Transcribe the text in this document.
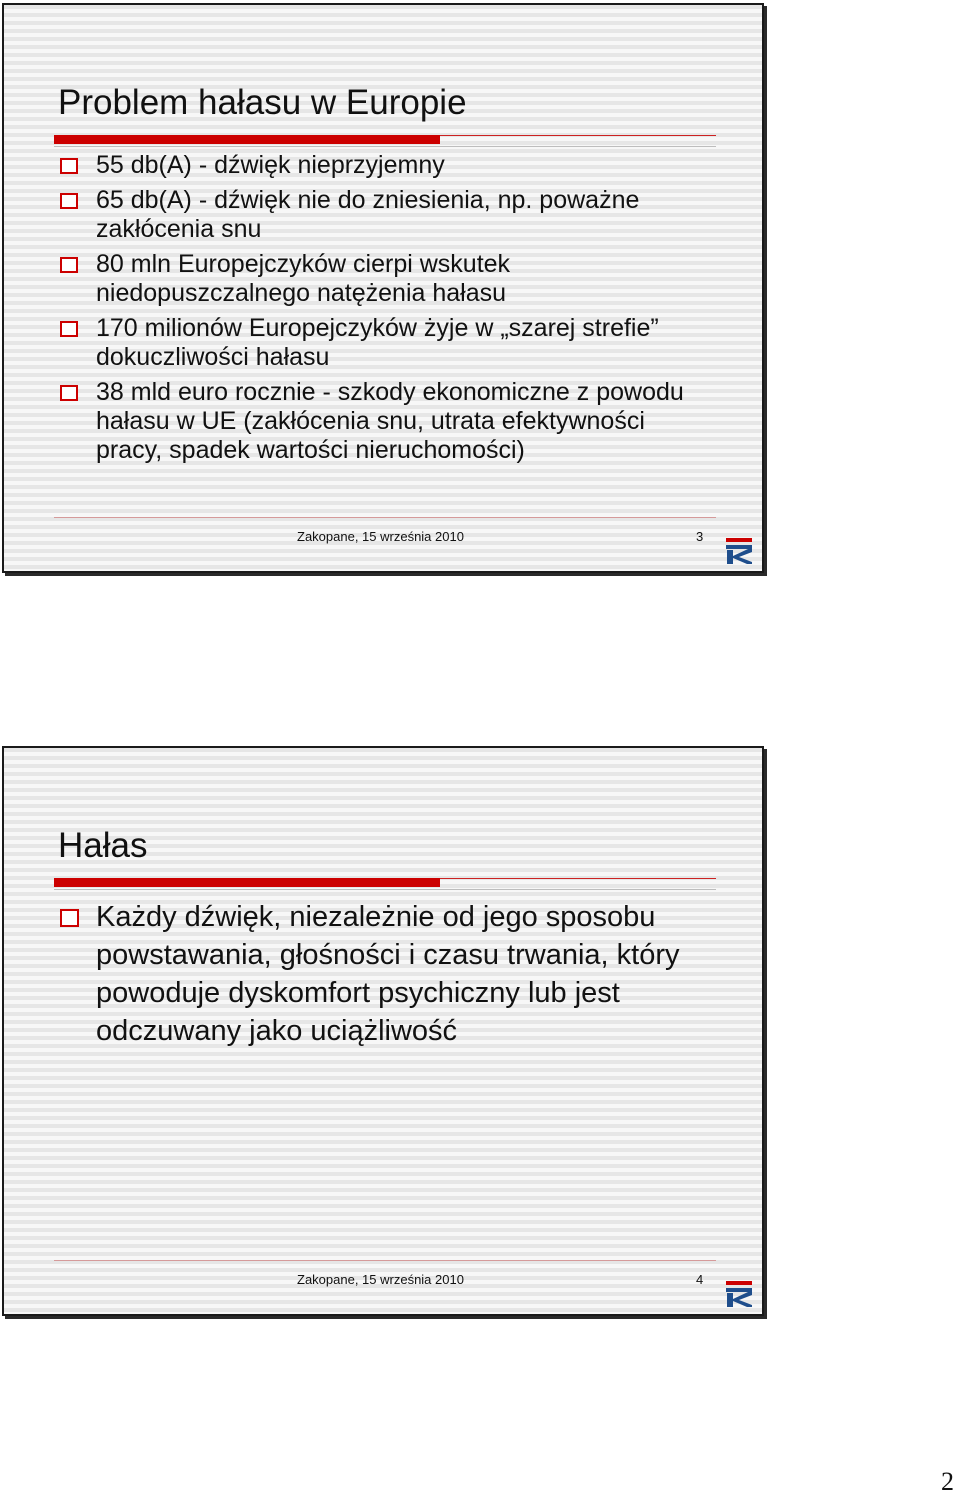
Problem hałasu w Europie
55 db(A) - dźwięk nieprzyjemny
65 db(A) - dźwięk nie do zniesienia, np. poważne zakłócenia snu
80 mln Europejczyków cierpi wskutek niedopuszczalnego natężenia hałasu
170 milionów Europejczyków żyje w „szarej strefie” dokuczliwości hałasu
38 mld euro rocznie - szkody ekonomiczne z powodu hałasu w UE (zakłócenia snu, utrata efektywności pracy, spadek wartości nieruchomości)
Zakopane, 15 września 2010	3
Hałas
Każdy dźwięk, niezależnie od jego sposobu powstawania, głośności i czasu trwania, który powoduje dyskomfort psychiczny lub jest odczuwany jako uciążliwość
Zakopane, 15 września 2010	4
2
